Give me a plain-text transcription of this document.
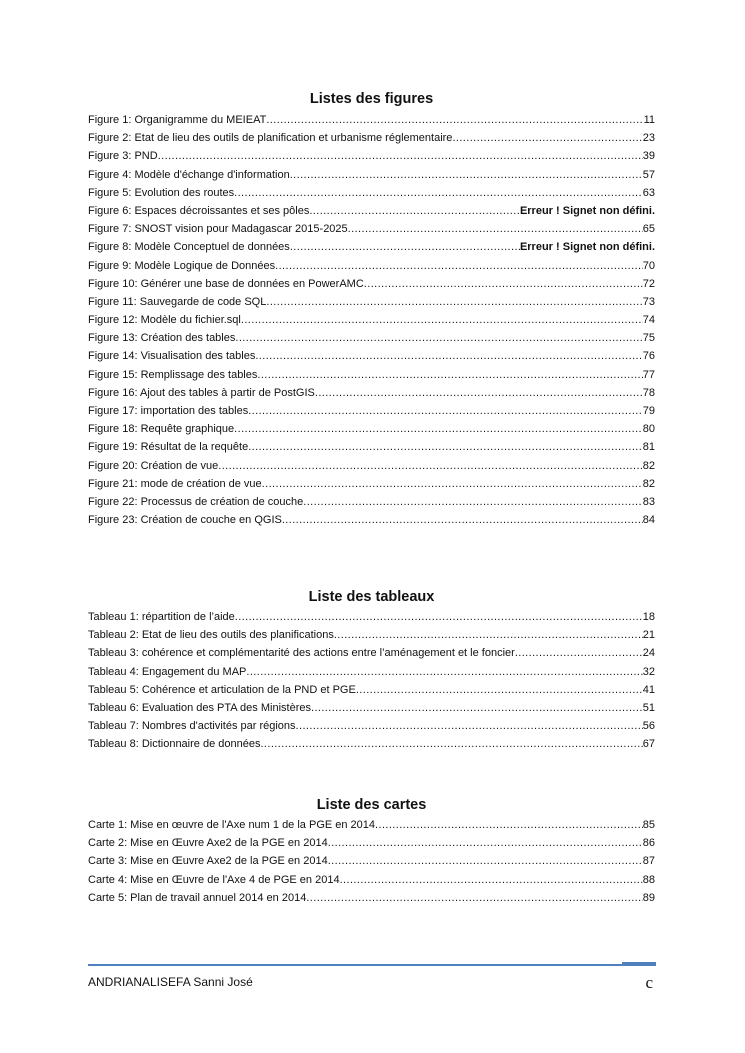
Listes des figures
Figure 1: Organigramme du MEIEAT .....	11
Figure 2: Etat de lieu des outils de planification et urbanisme réglementaire .....	23
Figure 3: PND .....	39
Figure 4: Modèle d'échange d'information .....	57
Figure 5: Evolution des routes .....	63
Figure 6: Espaces décroissantes et ses pôles .....	Erreur ! Signet non défini.
Figure 7: SNOST vision pour Madagascar 2015-2025 .....	65
Figure 8: Modèle Conceptuel de données .....	Erreur ! Signet non défini.
Figure 9: Modèle Logique de Données .....	70
Figure 10: Générer une base de données en PowerAMC .....	72
Figure 11: Sauvegarde de code SQL .....	73
Figure 12: Modèle du fichier.sql .....	74
Figure 13: Création des tables .....	75
Figure 14: Visualisation des tables .....	76
Figure 15: Remplissage des tables .....	77
Figure 16: Ajout des tables à partir de PostGIS .....	78
Figure 17: importation des tables .....	79
Figure 18: Requête graphique .....	80
Figure 19: Résultat de la requête .....	81
Figure 20: Création de vue .....	82
Figure 21: mode de création de vue .....	82
Figure 22: Processus de création de couche .....	83
Figure 23: Création de couche en QGIS .....	84
Liste des tableaux
Tableau 1: répartition de l’aide .....	18
Tableau 2: Etat de lieu des outils des planifications .....	21
Tableau 3: cohérence et complémentarité des actions entre l’aménagement et le foncier .....	24
Tableau 4: Engagement du MAP .....	32
Tableau 5: Cohérence et articulation de la PND et PGE .....	41
Tableau 6: Evaluation des PTA des Ministères .....	51
Tableau 7: Nombres d'activités par régions .....	56
Tableau 8: Dictionnaire de données .....	67
Liste des cartes
Carte 1: Mise en œuvre de l'Axe num 1 de la PGE en 2014 .....	85
Carte 2: Mise en Œuvre Axe2 de la PGE en 2014 .....	86
Carte 3: Mise en Œuvre Axe2 de la PGE en 2014 .....	87
Carte 4: Mise en Œuvre de l'Axe 4 de PGE en 2014 .....	88
Carte 5: Plan de travail annuel 2014 en 2014 .....	89
ANDRIANALISEFA Sanni José	c
